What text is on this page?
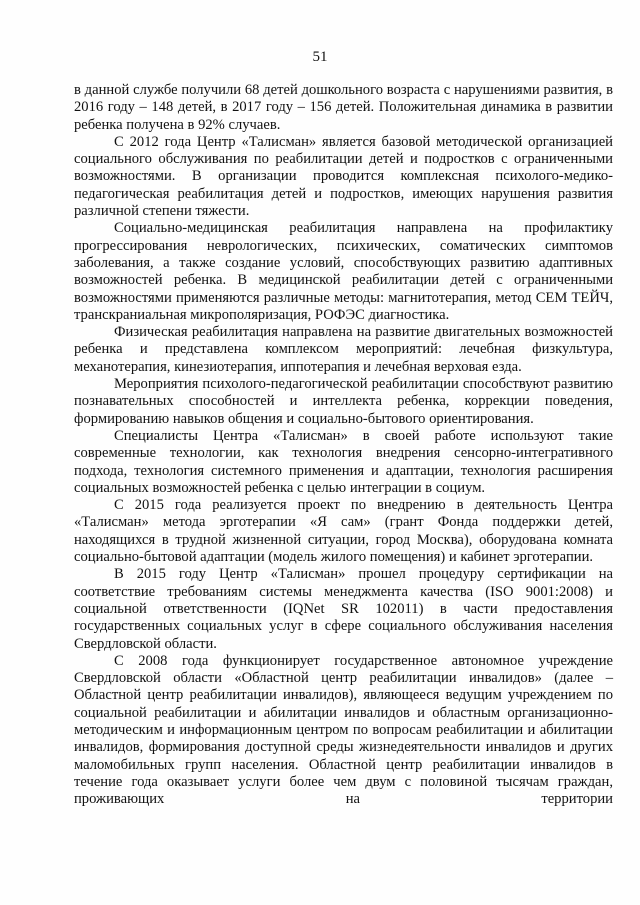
51

в данной службе получили 68 детей дошкольного возраста с нарушениями развития, в 2016 году – 148 детей, в 2017 году – 156 детей. Положительная динамика в развитии ребенка получена в 92% случаев.

С 2012 года Центр «Талисман» является базовой методической организацией социального обслуживания по реабилитации детей и подростков с ограниченными возможностями. В организации проводится комплексная психолого-медико-педагогическая реабилитация детей и подростков, имеющих нарушения развития различной степени тяжести.

Социально-медицинская реабилитация направлена на профилактику прогрессирования неврологических, психических, соматических симптомов заболевания, а также создание условий, способствующих развитию адаптивных возможностей ребенка. В медицинской реабилитации детей с ограниченными возможностями применяются различные методы: магнитотерапия, метод СЕМ ТЕЙЧ, транскраниальная микрополяризация, РОФЭС диагностика.

Физическая реабилитация направлена на развитие двигательных возможностей ребенка и представлена комплексом мероприятий: лечебная физкультура, механотерапия, кинезиотерапия, иппотерапия и лечебная верховая езда.

Мероприятия психолого-педагогической реабилитации способствуют развитию познавательных способностей и интеллекта ребенка, коррекции поведения, формированию навыков общения и социально-бытового ориентирования.

Специалисты Центра «Талисман» в своей работе используют такие современные технологии, как технология внедрения сенсорно-интегративного подхода, технология системного применения и адаптации, технология расширения социальных возможностей ребенка с целью интеграции в социум.

С 2015 года реализуется проект по внедрению в деятельность Центра «Талисман» метода эрготерапии «Я сам» (грант Фонда поддержки детей, находящихся в трудной жизненной ситуации, город Москва), оборудована комната социально-бытовой адаптации (модель жилого помещения) и кабинет эрготерапии.

В 2015 году Центр «Талисман» прошел процедуру сертификации на соответствие требованиям системы менеджмента качества (ISO 9001:2008) и социальной ответственности (IQNet SR 102011) в части предоставления государственных социальных услуг в сфере социального обслуживания населения Свердловской области.

С 2008 года функционирует государственное автономное учреждение Свердловской области «Областной центр реабилитации инвалидов» (далее – Областной центр реабилитации инвалидов), являющееся ведущим учреждением по социальной реабилитации и абилитации инвалидов и областным организационно-методическим и информационным центром по вопросам реабилитации и абилитации инвалидов, формирования доступной среды жизнедеятельности инвалидов и других маломобильных групп населения. Областной центр реабилитации инвалидов в течение года оказывает услуги более чем двум с половиной тысячам граждан, проживающих на территории
